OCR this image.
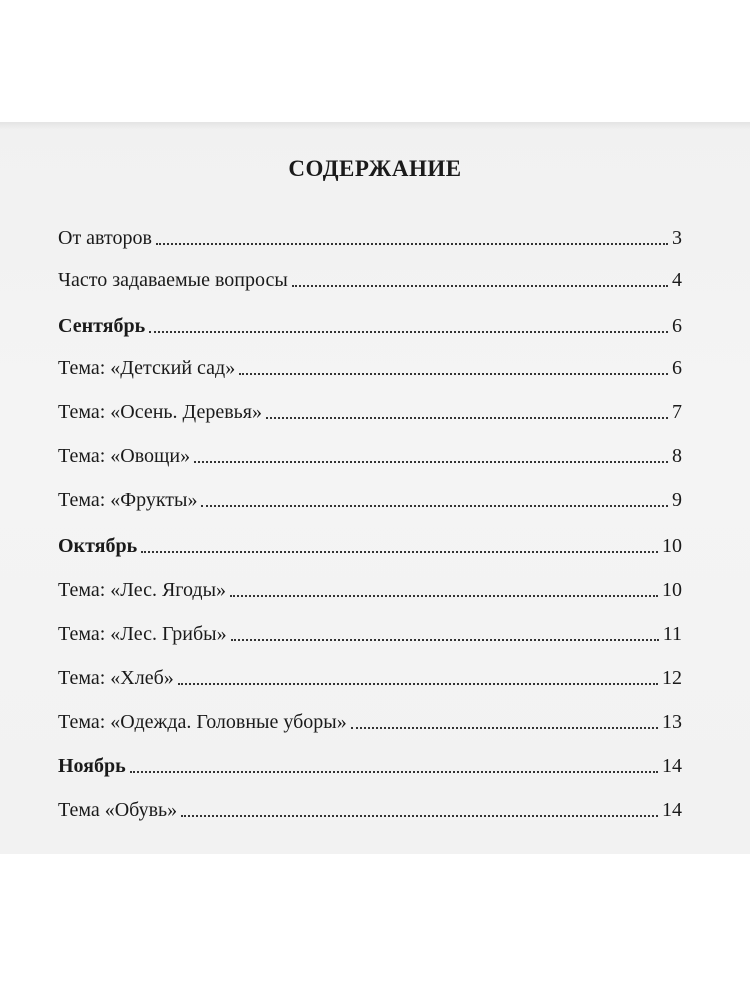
СОДЕРЖАНИЕ
От авторов	3
Часто задаваемые вопросы	4
Сентябрь	6
Тема: «Детский сад»	6
Тема: «Осень. Деревья»	7
Тема: «Овощи»	8
Тема: «Фрукты»	9
Октябрь	10
Тема: «Лес. Ягоды»	10
Тема: «Лес. Грибы»	11
Тема: «Хлеб»	12
Тема: «Одежда. Головные уборы»	13
Ноябрь	14
Тема «Обувь»	14
